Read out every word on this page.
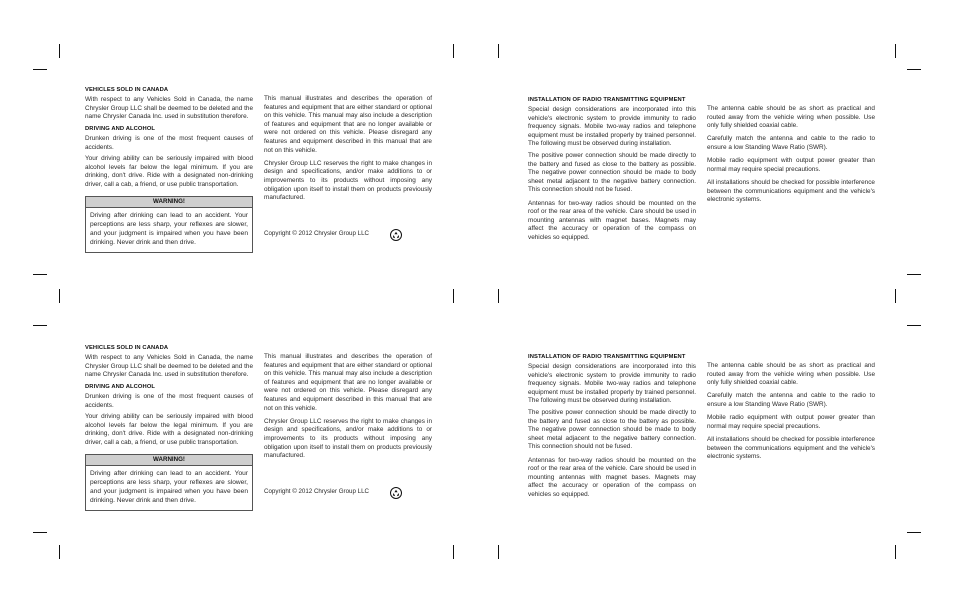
VEHICLES SOLD IN CANADA

With respect to any Vehicles Sold in Canada, the name Chrysler Group LLC shall be deemed to be deleted and the name Chrysler Canada Inc. used in substitution therefore.

DRIVING AND ALCOHOL

Drunken driving is one of the most frequent causes of accidents.

Your driving ability can be seriously impaired with blood alcohol levels far below the legal minimum. If you are drinking, don't drive. Ride with a designated non-drinking driver, call a cab, a friend, or use public transportation.

WARNING!
Driving after drinking can lead to an accident. Your perceptions are less sharp, your reflexes are slower, and your judgment is impaired when you have been drinking. Never drink and then drive.

This manual illustrates and describes the operation of features and equipment that are either standard or optional on this vehicle. This manual may also include a description of features and equipment that are no longer available or were not ordered on this vehicle. Please disregard any features and equipment described in this manual that are not on this vehicle.

Chrysler Group LLC reserves the right to make changes in design and specifications, and/or make additions to or improvements to its products without imposing any obligation upon itself to install them on products previously manufactured.

Copyright © 2012 Chrysler Group LLC
INSTALLATION OF RADIO TRANSMITTING EQUIPMENT

Special design considerations are incorporated into this vehicle's electronic system to provide immunity to radio frequency signals. Mobile two-way radios and telephone equipment must be installed properly by trained personnel. The following must be observed during installation.

The positive power connection should be made directly to the battery and fused as close to the battery as possible. The negative power connection should be made to body sheet metal adjacent to the negative battery connection. This connection should not be fused.

Antennas for two-way radios should be mounted on the roof or the rear area of the vehicle. Care should be used in mounting antennas with magnet bases. Magnets may affect the accuracy or operation of the compass on vehicles so equipped.

The antenna cable should be as short as practical and routed away from the vehicle wiring when possible. Use only fully shielded coaxial cable.

Carefully match the antenna and cable to the radio to ensure a low Standing Wave Ratio (SWR).

Mobile radio equipment with output power greater than normal may require special precautions.

All installations should be checked for possible interference between the communications equipment and the vehicle's electronic systems.

VEHICLES SOLD IN CANADA

With respect to any Vehicles Sold in Canada, the name Chrysler Group LLC shall be deemed to be deleted and the name Chrysler Canada Inc. used in substitution therefore.

DRIVING AND ALCOHOL

Drunken driving is one of the most frequent causes of accidents.

Your driving ability can be seriously impaired with blood alcohol levels far below the legal minimum. If you are drinking, don't drive. Ride with a designated non-drinking driver, call a cab, a friend, or use public transportation.

WARNING!
Driving after drinking can lead to an accident. Your perceptions are less sharp, your reflexes are slower, and your judgment is impaired when you have been drinking. Never drink and then drive.

This manual illustrates and describes the operation of features and equipment that are either standard or optional on this vehicle. This manual may also include a description of features and equipment that are no longer available or were not ordered on this vehicle. Please disregard any features and equipment described in this manual that are not on this vehicle.

Chrysler Group LLC reserves the right to make changes in design and specifications, and/or make additions to or improvements to its products without imposing any obligation upon itself to install them on products previously manufactured.

Copyright © 2012 Chrysler Group LLC
INSTALLATION OF RADIO TRANSMITTING EQUIPMENT

Special design considerations are incorporated into this vehicle's electronic system to provide immunity to radio frequency signals. Mobile two-way radios and telephone equipment must be installed properly by trained personnel. The following must be observed during installation.

The positive power connection should be made directly to the battery and fused as close to the battery as possible. The negative power connection should be made to body sheet metal adjacent to the negative battery connection. This connection should not be fused.

Antennas for two-way radios should be mounted on the roof or the rear area of the vehicle. Care should be used in mounting antennas with magnet bases. Magnets may affect the accuracy or operation of the compass on vehicles so equipped.

The antenna cable should be as short as practical and routed away from the vehicle wiring when possible. Use only fully shielded coaxial cable.

Carefully match the antenna and cable to the radio to ensure a low Standing Wave Ratio (SWR).

Mobile radio equipment with output power greater than normal may require special precautions.

All installations should be checked for possible interference between the communications equipment and the vehicle's electronic systems.
